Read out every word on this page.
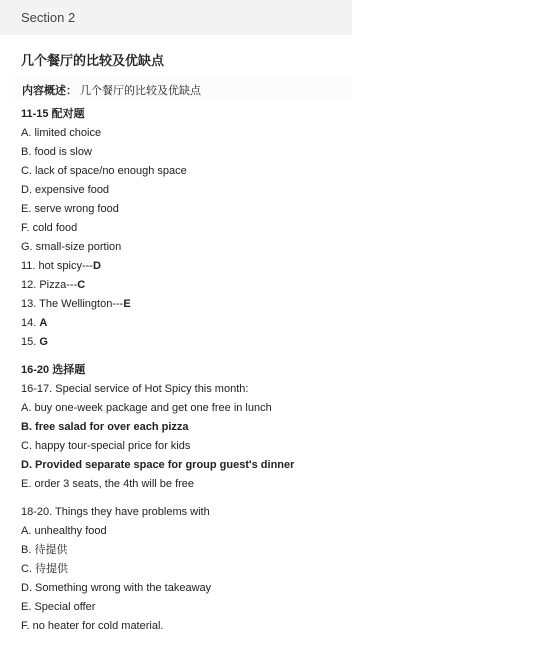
Section 2
几个餐厅的比较及优缺点
内容概述： 几个餐厅的比较及优缺点
11-15 配对题
A. limited choice
B. food is slow
C. lack of space/no enough space
D. expensive food
E. serve wrong food
F. cold food
G. small-size portion
11. hot spicy---D
12. Pizza---C
13. The Wellington---E
14. A
15. G
16-20 选择题
16-17. Special service of Hot Spicy this month:
A. buy one-week package and get one free in lunch
B. free salad for over each pizza
C. happy tour-special price for kids
D. Provided separate space for group guest's dinner
E. order 3 seats, the 4th will be free
18-20. Things they have problems with
A. unhealthy food
B. 待提供
C. 待提供
D. Something wrong with the takeaway
E. Special offer
F. no heater for cold material.
